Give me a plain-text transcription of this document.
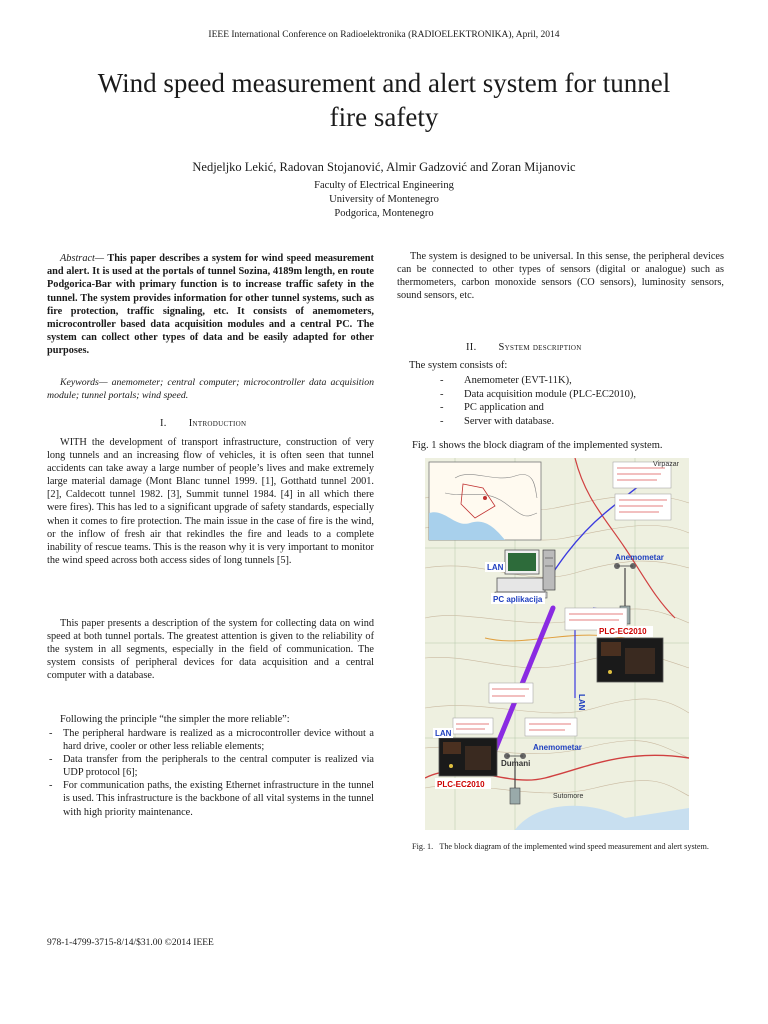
IEEE International Conference on Radioelektronika (RADIOELEKTRONIKA), April, 2014
Wind speed measurement and alert system for tunnel
fire safety
Nedjeljko Lekić, Radovan Stojanović, Almir Gadzović and Zoran Mijanovic
Faculty of Electrical Engineering
University of Montenegro
Podgorica, Montenegro
Abstract— This paper describes a system for wind speed measurement and alert. It is used at the portals of tunnel Sozina, 4189m length, en route Podgorica-Bar with primary function is to increase traffic safety in the tunnel. The system provides information for other tunnel systems, such as fire protection, traffic signaling, etc. It consists of anemometers, microcontroller based data acquisition modules and a central PC. The system can collect other types of data and be easily adapted for other purposes.
Keywords— anemometer; central computer; microcontroller data acquisition module; tunnel portals; wind speed.
I. Introduction
WITH the development of transport infrastructure, construction of very long tunnels and an increasing flow of vehicles, it is often seen that tunnel accidents can take away a large number of people’s lives and make extremely large material damage (Mont Blanc tunnel 1999. [1], Gotthatd tunnel 2001. [2], Caldecott tunnel 1982. [3], Summit tunnel 1984. [4] in all which there were fires). This has led to a significant upgrade of safety standards, especially when it comes to fire protection. The main issue in the case of fire is the wind, or the inflow of fresh air that rekindles the fire and leads to a complete inability of rescue teams. This is the reason why it is very important to monitor the wind speed across both access sides of long tunnels [5].
This paper presents a description of the system for collecting data on wind speed at both tunnel portals. The greatest attention is given to the reliability of the system in all segments, especially in the field of communication. The system consists of peripheral devices for data acquisition and a central computer with a database.
Following the principle “the simpler the more reliable”:
- The peripheral hardware is realized as a microcontroller device without a hard drive, cooler or other less reliable elements;
- Data transfer from the peripherals to the central computer is realized via UDP protocol [6];
- For communication paths, the existing Ethernet infrastructure in the tunnel is used. This infrastructure is the backbone of all vital systems in the tunnel with high priority maintenance.
The system is designed to be universal. In this sense, the peripheral devices can be connected to other types of sensors (digital or analogue) such as thermometers, carbon monoxide sensors (CO sensors), luminosity sensors, sound sensors, etc.
II. System description
The system consists of:
- Anemometer (EVT-11K),
- Data acquisition module (PLC-EC2010),
- PC application and
- Server with database.
Fig. 1 shows the block diagram of the implemented system.
LAN
PC aplikacija
Anemometar
PLC-EC2010
LAN
LAN
Dumani
Anemometar
PLC-EC2010
Virpazar
Sutomore
Fig. 1. The block diagram of the implemented wind speed measurement and alert system.
978-1-4799-3715-8/14/$31.00 ©2014 IEEE
